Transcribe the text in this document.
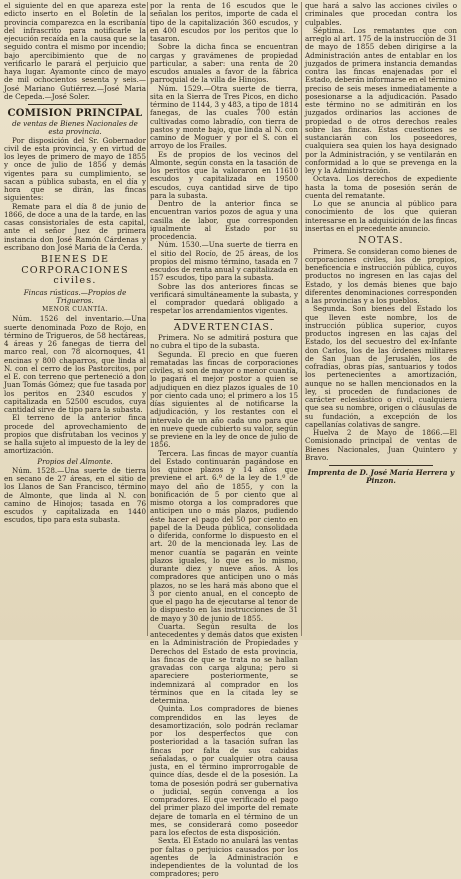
el siguiente del en que apareza este edicto inserto en el Boletín de la provincia comparezca en la escribanía del infrascrito para notificarle la ejecución recaída en la causa que se la seguido contra el mismo por incendio; bajo apercibimiento que de no verificarlo le parará el perjuicio que haya lugar. Ayamonte cinco de mayo de mil ochocientos sesenta y seis.—José Mariano Gutiérrez.—José Maria de Cepeda.—José Soler.

COMISION PRINCIPAL

de ventas de Bienes Nacionales de esta provincia.

Por disposición del Sr. Gobernador civil de esta provincia, y en virtud de los leyes de primero de mayo de 1855 y once de julio de 1856 y demás vigentes para su cumplimiento, se sacan a pública subasta, en el día y hora que se dirán, las fincas siguientes:

Remate para el día 8 de junio de 1866, de doce a una de la tarde, en las casas consistoriales de esta capital, ante el señor Juez de primera instancia don José Ramón Cárdenas y escribano don José Maria de la Cerda.

BIENES DE CORPORACIONES civiles.

Fincas rústicas.—Propios de Trigueros.

MENOR CUANTÍA.

Núm. 1526 del inventario.—Una suerte denominada Pozo de Rojo, en término de Trigueros, de 58 hectáreas, 4 áreas y 26 fanegas de tierra del marco real, con 78 alcornoques, 41 encinas y 800 chaparros, que linda al N. con el cerro de los Pastorcitos, por el E. con terreno que perteneció a don Juan Tomás Gómez; que fue tasada por los peritos en 2340 escudos y capitalizada en 52500 escudos, cuya cantidad sirve de tipo para la subasta.

El terreno de la anterior finca procede del aprovechamiento de propios que disfrutaban los vecinos y se halla sujeto al impuesto de la ley de amortización.

Propios del Almonte.

Núm. 1528.—Una suerte de tierra en secano de 27 áreas, en el sitio de los Llanos de San Francisco, término de Almonte, que linda al N. con camino de Hinojos; tasada en 76 escudos y capitalizada en 1440 escudos, tipo para esta subasta.

por la renta de 16 escudos que le señalan los peritos, importe de cada el tipo de la capitalización 360 escudos, y en 400 escudos por los peritos que lo tasaron.

Sobre la dicha finca se encuentran cargas y gravámenes de propiedad particular, a saber: una renta de 20 escudos anuales a favor de la fábrica parroquial de la villa de Hinojos.

Núm. 1529.—Otra suerte de tierra, sita en la Sierra de Tres Picos, en dicho término de 1144, 3 y 483, a tipo de 1814 fanegas, de las cuales 700 están cultivadas como labradío, con tierra de pastos y monte bajo, que linda al N. con camino de Moguer y por el S. con el arroyo de los Frailes.

Es de propios de los vecinos del Almonte, según consta en la tasación de los peritos que la valoraron en 11610 escudos y capitalizada en 19500 escudos, cuya cantidad sirve de tipo para la subasta.

Dentro de la anterior finca se encuentran varios pozos de agua y una casilla de labor, que corresponden igualmente al Estado por su procedencia.

Núm. 1530.—Una suerte de tierra en el sitio del Rocío, de 25 áreas, de los propios del mismo término, tasada en 7 escudos de renta anual y capitalizada en 157 escudos, tipo para la subasta.

Sobre las dos anteriores fincas se verificará simultáneamente la subasta, y el comprador quedará obligado a respetar los arrendamientos vigentes.

ADVERTENCIAS.

Primera. No se admitirá postura que no cubra el tipo de la subasta.

Segunda. El precio en que fueren rematadas las fincas de corporaciones civiles, si son de mayor o menor cuantía, lo pagará el mejor postor a quien se adjudiquen en diez plazos iguales de 10 por ciento cada uno; el primero a los 15 días siguientes al de notificarse la adjudicación, y los restantes con el intervalo de un año cada uno para que en nueve quede cubierto su valor, según se previene en la ley de once de julio de 1856.

Tercera. Las fincas de mayor cuantía del Estado continuarán pagándose en los quince plazos y 14 años que previene el art. 6.º de la ley de 1.º de mayo del año de 1855, y con la bonificación de 5 por ciento que al mismo otorga a los compradores que anticipen uno o más plazos, pudiendo éste hacer el pago del 50 por ciento en papel de la Deuda pública, consolidada o diferida, conforme lo dispuesto en el art. 20 de la mencionada ley. Las de menor cuantía se pagarán en veinte plazos iguales, lo que es lo mismo, durante diez y nueve años. A los compradores que anticipen uno o más plazos, no se les hará más abono que el 3 por ciento anual, en el concepto de que el pago ha de ejecutarse al tenor de lo dispuesto en las instrucciones de 31 de mayo y 30 de junio de 1855.

Cuarta. Según resulta de los antecedentes y demás datos que existen en la Administración de Propiedades y Derechos del Estado de esta provincia, las fincas de que se trata no se hallan gravadas con carga alguna; pero si apareciere posteriormente, se indemnizará al comprador en los términos que en la citada ley se determina.

Quinta. Los compradores de bienes comprendidos en las leyes de desamortización, solo podrán reclamar por los desperfectos que con posterioridad a la tasación sufran las fincas por falta de sus cabidas señaladas, o por cualquier otra causa justa, en el término improrrogable de quince días, desde el de la posesión. La toma de posesión podrá ser gubernativa o judicial, según convenga a los compradores. El que verificado el pago del primer plazo del importe del remate dejare de tomarla en el término de un mes, se considerará como poseedor para los efectos de esta disposición.

Sexta. El Estado no anulará las ventas por faltas o perjuicios causados por los agentes de la Administración e independientes de la voluntad de los compradores; pero

que hará a salvo las acciones civiles o criminales que procedan contra los culpables.

Séptima. Los rematantes que con arreglo al art. 175 de la instrucción de 31 de mayo de 1855 deben dirigirse a la Administración antes de entablar en los juzgados de primera instancia demandas contra las fincas enajenadas por el Estado, deberán informarse en el término preciso de seis meses inmediatamente a posesionarse a la adjudicación. Pasado este término no se admitirán en los juzgados ordinarios las acciones de propiedad o de otros derechos reales sobre las fincas. Estas cuestiones se sustanciarán con los poseedores, cualquiera sea quien los haya designado por la Administración, y se ventilarán en conformidad a lo que se prevenga en la ley y la Administración.

Octava. Los derechos de expediente hasta la toma de posesión serán de cuenta del rematante.

Lo que se anuncia al público para conocimiento de los que quieran interesarse en la adquisición de las fincas insertas en el precedente anuncio.

NOTAS.

Primera. Se consideran como bienes de corporaciones civiles, los de propios, beneficencia e instrucción pública, cuyos productos no ingresen en las cajas del Estado, y los demás bienes que bajo diferentes denominaciones corresponden a las provincias y a los pueblos.

Segunda. Son bienes del Estado los que lleven este nombre, los de instrucción pública superior, cuyos productos ingresen en las cajas del Estado, los del secuestro del ex-Infante don Carlos, los de las órdenes militares de San Juan de Jerusalén, los de cofradías, obras pías, santuarios y todos los pertenecientes a amortización, aunque no se hallen mencionados en la ley, si proceden de fundaciones de carácter eclesiástico o civil, cualquiera que sea su nombre, origen o cláusulas de su fundación, a excepción de los capellanías colativas de sangre.

Huelva 2 de Mayo de 1866.—El Comisionado principal de ventas de Bienes Nacionales, Juan Quintero y Bravo.

Imprenta de D. José María Herrera y Pinzon.
